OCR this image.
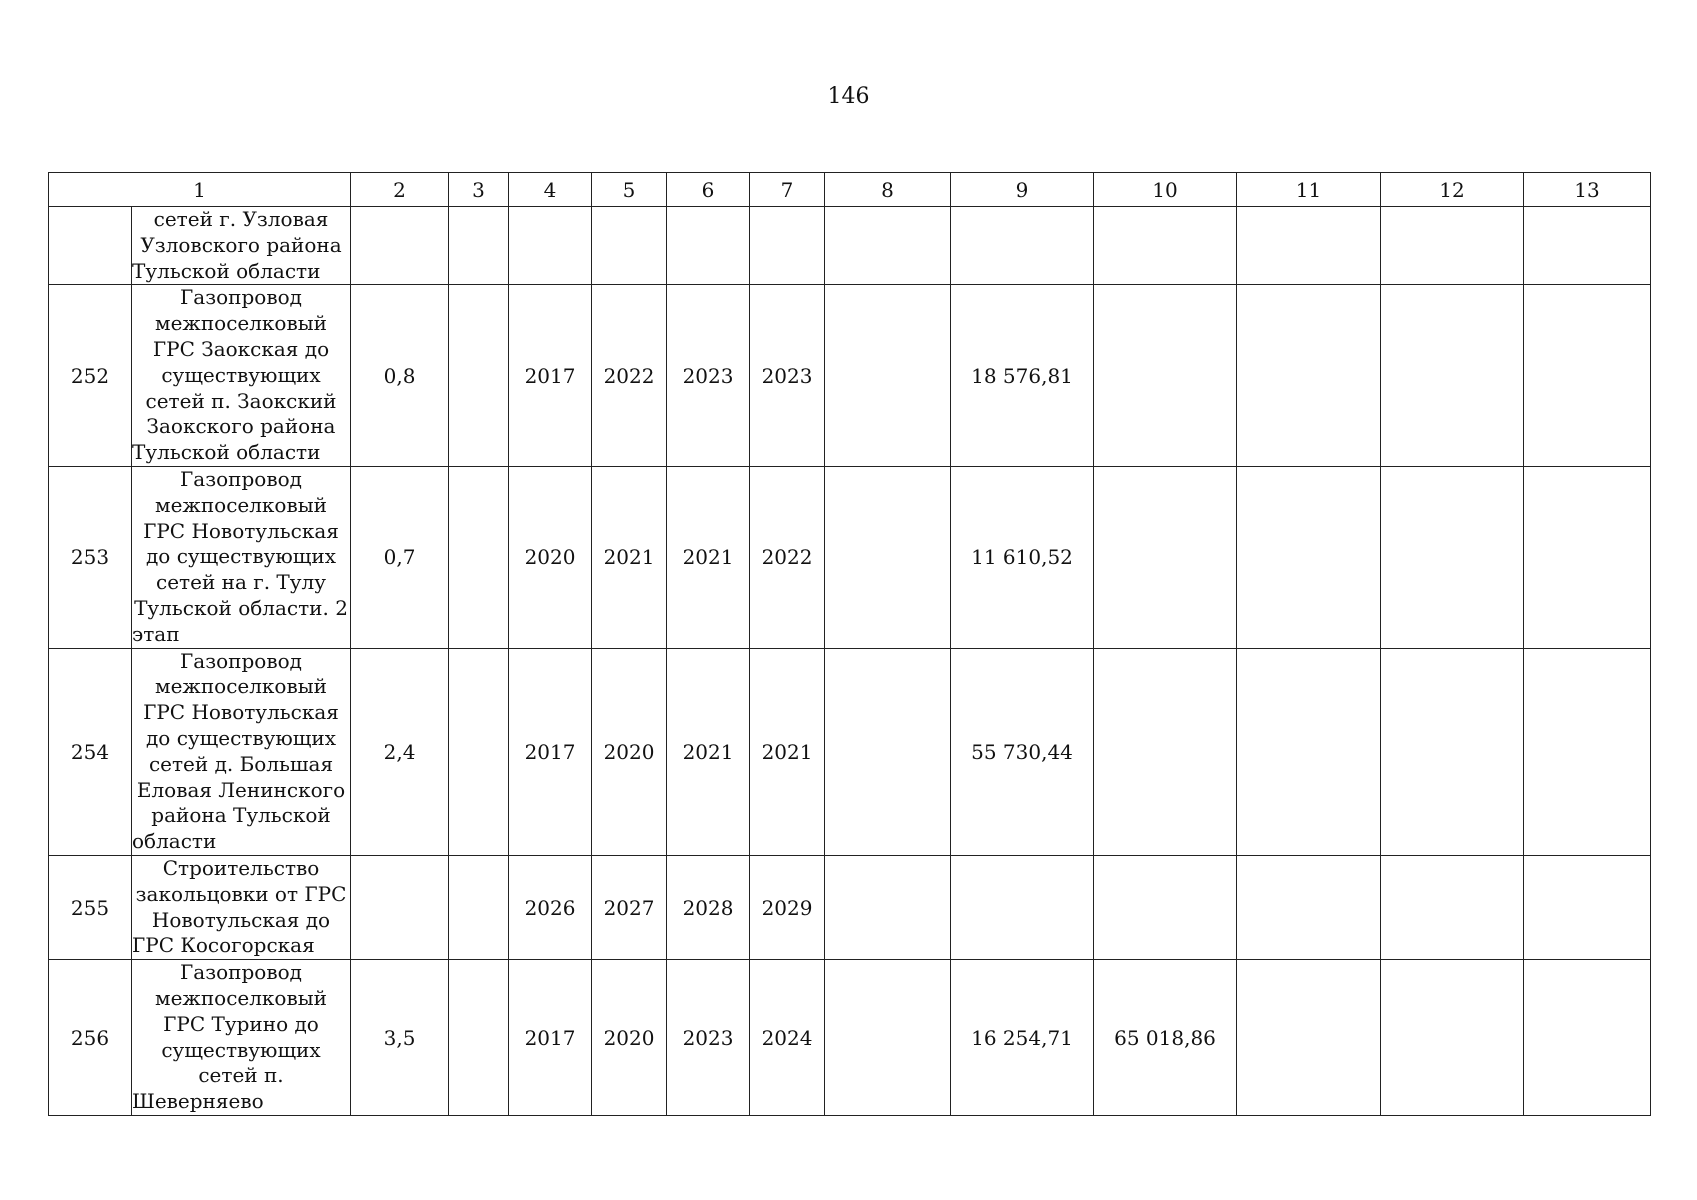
146
1		2	3	4	5	6	7	8	9	10	11	12	13
	сетей г. Узловая Узловского района Тульской области												
252	Газопровод межпоселковый ГРС Заокская до существующих сетей п. Заокский Заокского района Тульской области	0,8		2017	2022	2023	2023		18 576,81				
253	Газопровод межпоселковый ГРС Новотульская до существующих сетей на г. Тулу Тульской области. 2 этап	0,7		2020	2021	2021	2022		11 610,52				
254	Газопровод межпоселковый ГРС Новотульская до существующих сетей д. Большая Еловая Ленинского района Тульской области	2,4		2017	2020	2021	2021		55 730,44				
255	Строительство закольцовки от ГРС Новотульская до ГРС Косогорская			2026	2027	2028	2029						
256	Газопровод межпоселковый ГРС Турино до существующих сетей п. Шеверняево	3,5		2017	2020	2023	2024		16 254,71	65 018,86			
